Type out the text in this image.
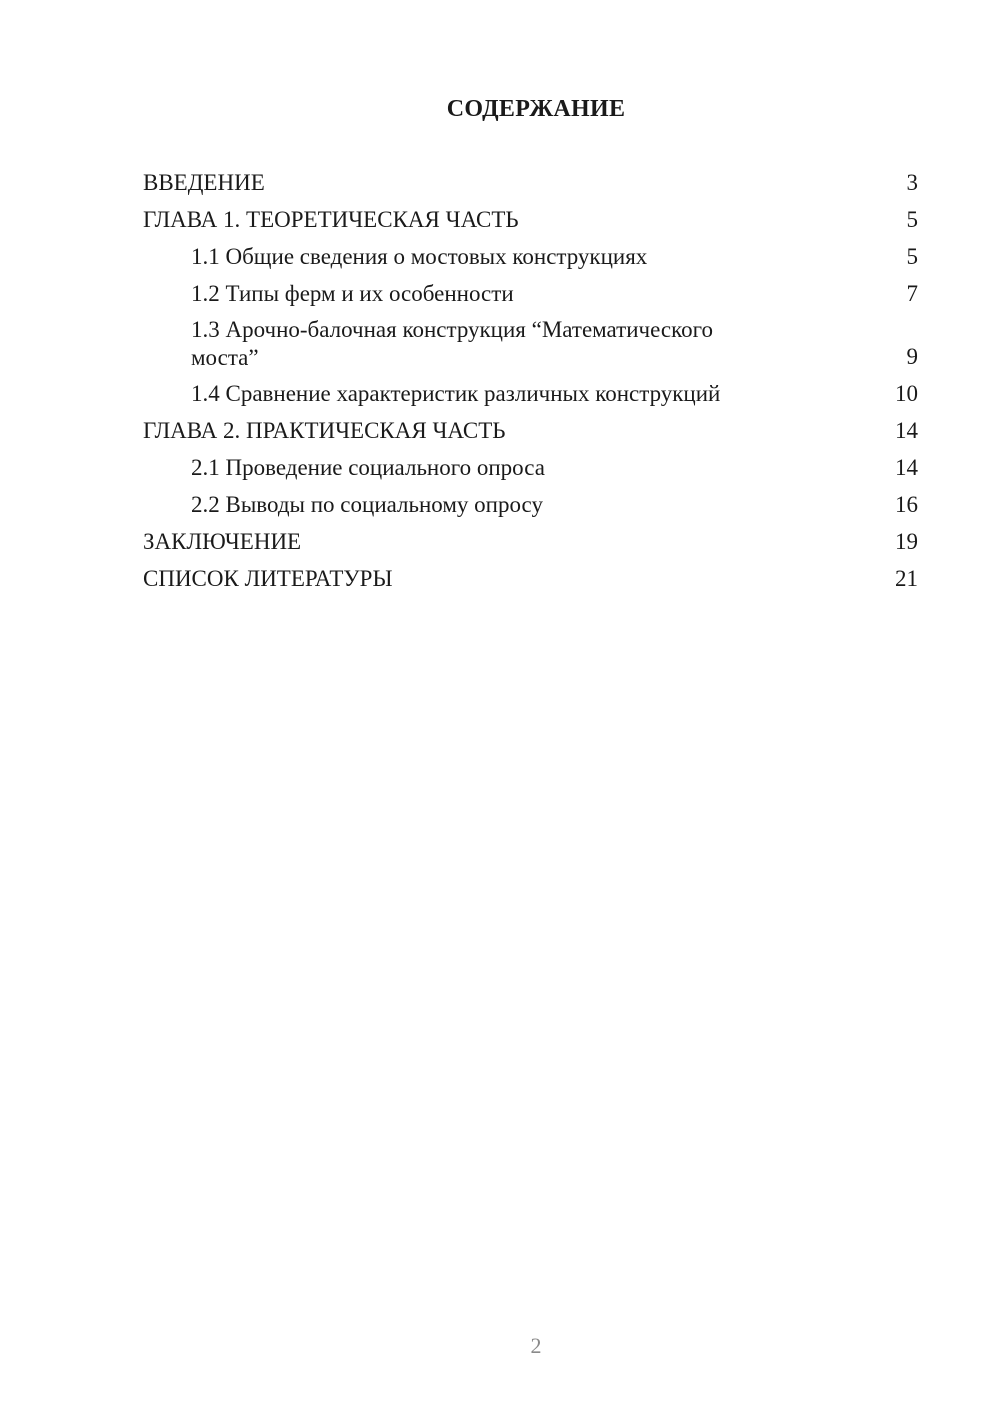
СОДЕРЖАНИЕ
ВВЕДЕНИЕ	3
ГЛАВА 1. ТЕОРЕТИЧЕСКАЯ ЧАСТЬ	5
1.1 Общие сведения о мостовых конструкциях	5
1.2 Типы ферм и их особенности	7
1.3 Арочно-балочная конструкция “Математического моста”	9
1.4 Сравнение характеристик различных конструкций	10
ГЛАВА 2. ПРАКТИЧЕСКАЯ ЧАСТЬ	14
2.1 Проведение социального опроса	14
2.2 Выводы по социальному опросу	16
ЗАКЛЮЧЕНИЕ	19
СПИСОК ЛИТЕРАТУРЫ	21
2
